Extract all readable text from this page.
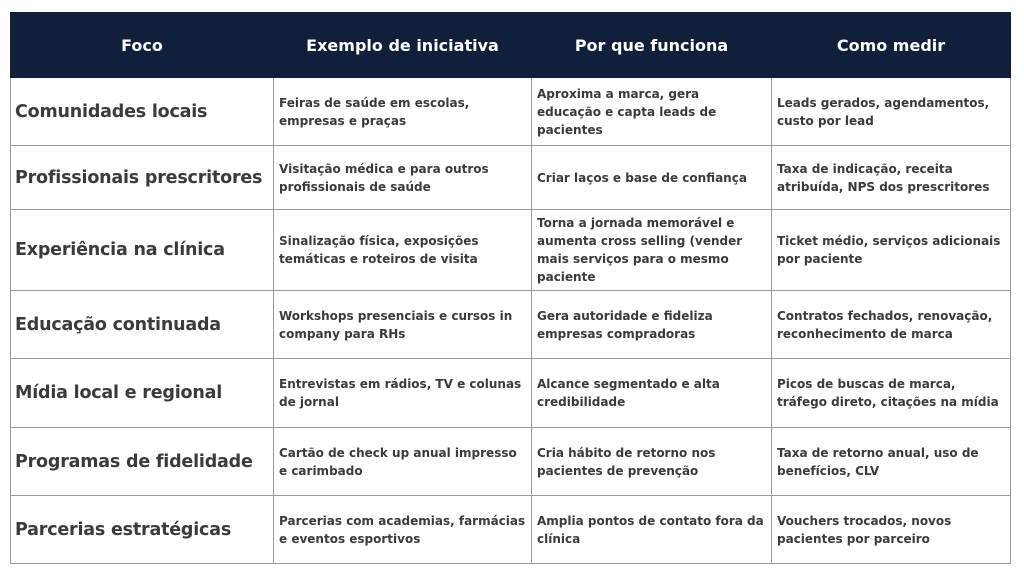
Foco	Exemplo de iniciativa	Por que funciona	Como medir
Comunidades locais	Feiras de saúde em escolas, empresas e praças	Aproxima a marca, gera educação e capta leads de pacientes	Leads gerados, agendamentos, custo por lead
Profissionais prescritores	Visitação médica e para outros profissionais de saúde	Criar laços e base de confiança	Taxa de indicação, receita atribuída, NPS dos prescritores
Experiência na clínica	Sinalização física, exposições temáticas e roteiros de visita	Torna a jornada memorável e aumenta cross selling (vender mais serviços para o mesmo paciente	Ticket médio, serviços adicionais por paciente
Educação continuada	Workshops presenciais e cursos in company para RHs	Gera autoridade e fideliza empresas compradoras	Contratos fechados, renovação, reconhecimento de marca
Mídia local e regional	Entrevistas em rádios, TV e colunas de jornal	Alcance segmentado e alta credibilidade	Picos de buscas de marca, tráfego direto, citações na mídia
Programas de fidelidade	Cartão de check up anual impresso e carimbado	Cria hábito de retorno nos pacientes de prevenção	Taxa de retorno anual, uso de benefícios, CLV
Parcerias estratégicas	Parcerias com academias, farmácias e eventos esportivos	Amplia pontos de contato fora da clínica	Vouchers trocados, novos pacientes por parceiro
